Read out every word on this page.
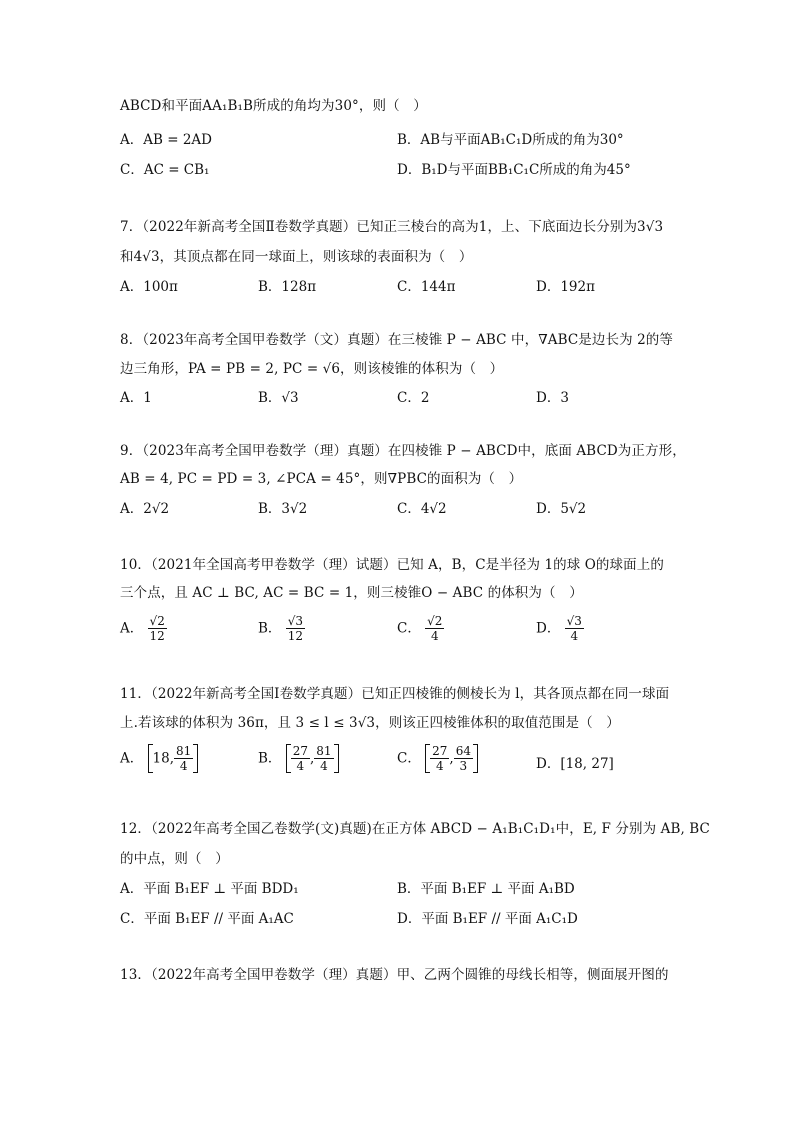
ABCD和平面AA₁B₁B所成的角均为30°，则（　）
A．AB = 2AD	B．AB与平面AB₁C₁D所成的角为30°
C．AC = CB₁	D．B₁D与平面BB₁C₁C所成的角为45°
7．（2022年新高考全国Ⅱ卷数学真题）已知正三棱台的高为1，上、下底面边长分别为3√3
和4√3，其顶点都在同一球面上，则该球的表面积为（　）
A．100π	B．128π	C．144π	D．192π
8．（2023年高考全国甲卷数学（文）真题）在三棱锥 P − ABC 中，∇ABC是边长为 2的等
边三角形，PA = PB = 2, PC = √6，则该棱锥的体积为（　）
A．1	B．√3	C．2	D．3
9．（2023年高考全国甲卷数学（理）真题）在四棱锥 P − ABCD中，底面 ABCD为正方形，
AB = 4, PC = PD = 3, ∠PCA = 45°，则∇PBC的面积为（　）
A．2√2	B．3√2	C．4√2	D．5√2
10．（2021年全国高考甲卷数学（理）试题）已知 A，B，C是半径为 1的球 O的球面上的
三个点，且 AC ⊥ BC, AC = BC = 1，则三棱锥O − ABC 的体积为（　）
A． $\frac{√2}{12}$	B． $\frac{√3}{12}$	C． $\frac{√2}{4}$	D． $\frac{√3}{4}$
11．（2022年新高考全国Ⅰ卷数学真题）已知正四棱锥的侧棱长为 l，其各顶点都在同一球面
上.若该球的体积为 36π，且 3 ≤ l ≤ 3√3，则该正四棱锥体积的取值范围是（　）
A． 18, $\frac{81}{4}$	B． $\frac{27}{4}$ , $\frac{81}{4}$	C． $\frac{27}{4}$ , $\frac{64}{3}$	D．[18, 27]
12．（2022年高考全国乙卷数学(文)真题)在正方体 ABCD − A₁B₁C₁D₁中，E, F 分别为 AB, BC
的中点，则（　）
A．平面 B₁EF ⊥ 平面 BDD₁	B．平面 B₁EF ⊥ 平面 A₁BD
C．平面 B₁EF // 平面 A₁AC	D．平面 B₁EF // 平面 A₁C₁D
13．（2022年高考全国甲卷数学（理）真题）甲、乙两个圆锥的母线长相等，侧面展开图的
